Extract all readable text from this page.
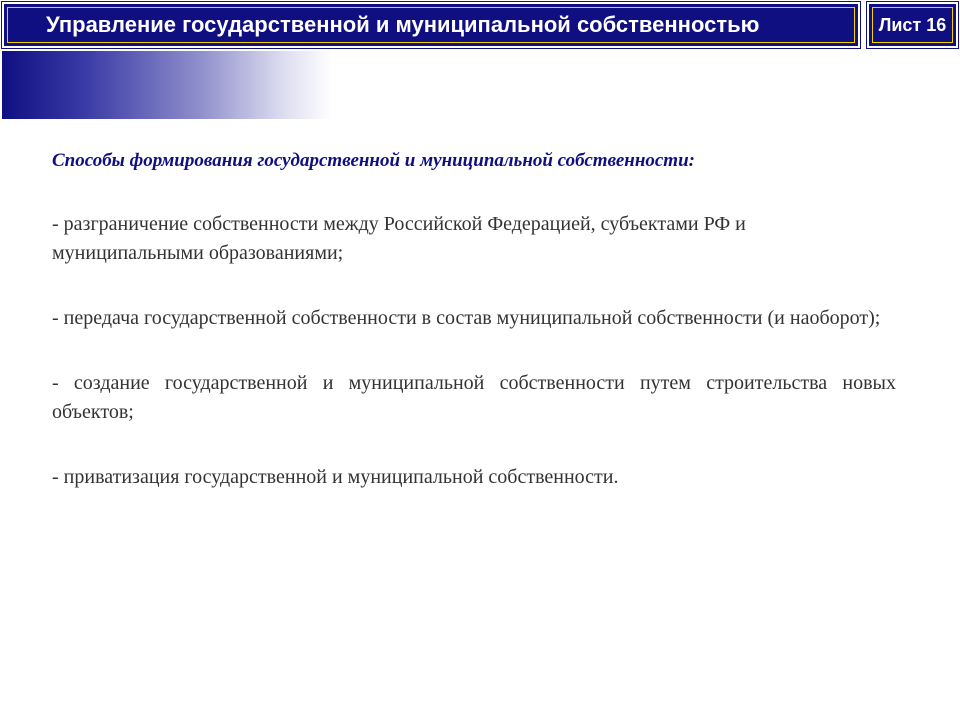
Управление государственной и муниципальной собственностью	Лист 16

Способы формирования государственной и муниципальной собственности:

- разграничение собственности между Российской Федерацией, субъектами РФ и муниципальными образованиями;

- передача государственной собственности в состав муниципальной собственности (и наоборот);

- создание государственной и муниципальной собственности путем строительства новых объектов;

- приватизация государственной и муниципальной собственности.
